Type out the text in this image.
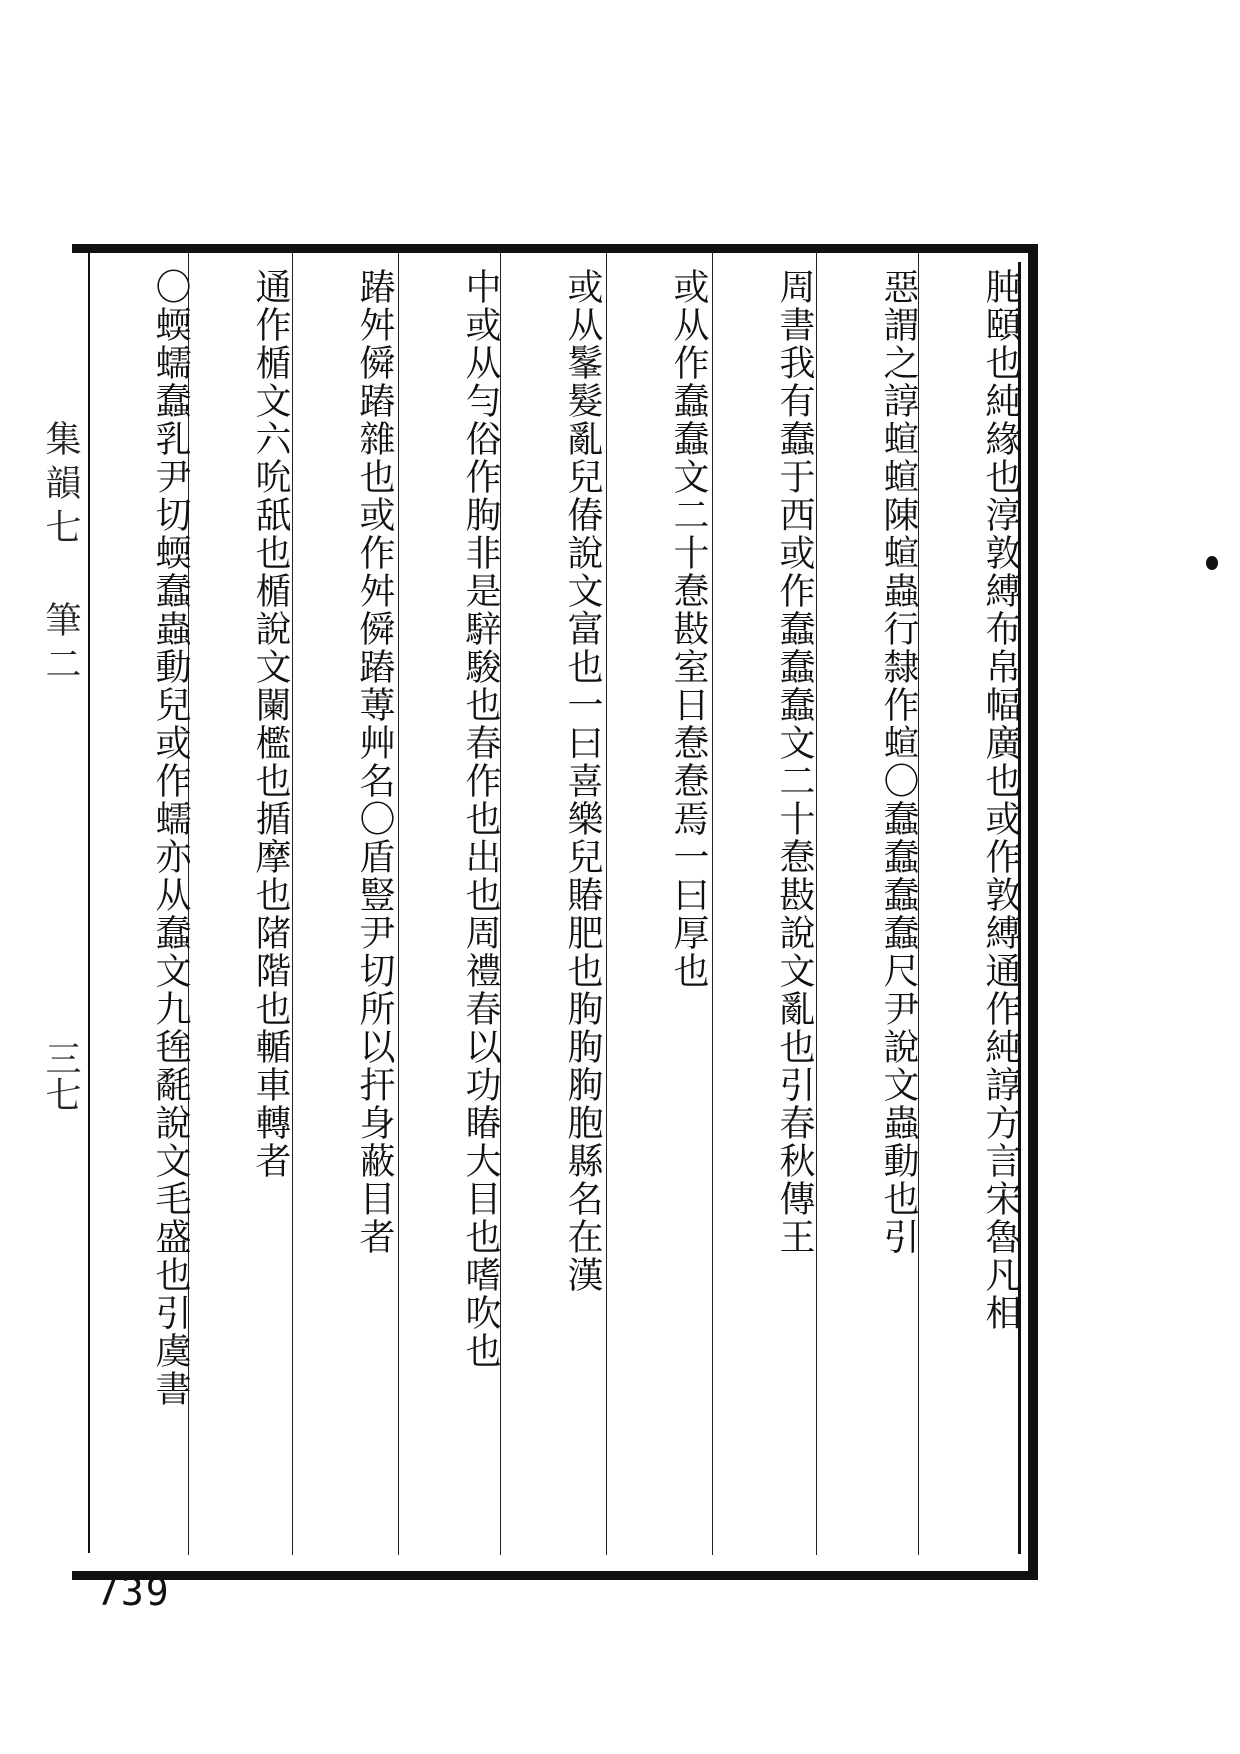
肫頤也純緣也淳敦縛布帛幅廣也或作敦縛通作純諄方言宋魯凡相
惡謂之諄蝖蝖陳蝖蟲行隸作蝖〇蠢蠢蠢蠢尺尹說文蟲動也引
周書我有蠢于西或作蠢蠢蠢文二十惷㪛說文亂也引春秋傳王
或从作蠢蠢文二十惷㪛室日惷惷焉一曰厚也
或从髼髮亂兒偆說文富也一曰喜樂兒賰肥也朐朐胊胞縣名在漢
中或从勻俗作朐非是騂駿也春作也出也周禮春以功睶大目也嗜吹也
踳舛僢蹖雜也或作舛僢蹖蒪艸名〇盾豎尹切所以扞身蔽目者
通作楯文六吮舐也楯說文闌檻也揗摩也陼階也輴車轉者
〇蝡蠕蠢乳尹切蝡蠢蟲動兒或作蠕亦从蠢文九毪氄說文毛盛也引虞書
集韻七 筆二
三七
739
